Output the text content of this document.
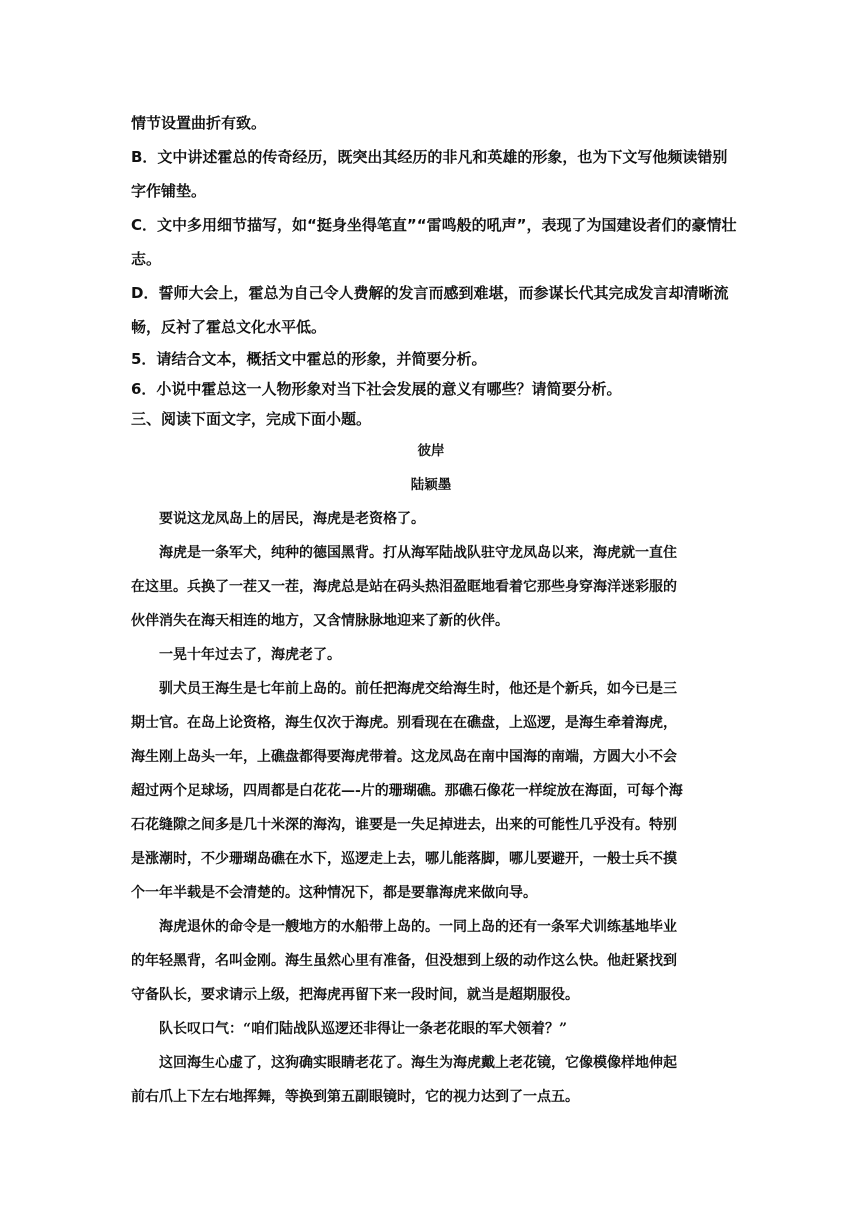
情节设置曲折有致。

B．文中讲述霍总的传奇经历，既突出其经历的非凡和英雄的形象，也为下文写他频读错别

字作铺垫。

C．文中多用细节描写，如“挺身坐得笔直”“雷鸣般的吼声”，表现了为国建设者们的豪情壮

志。

D．誓师大会上，霍总为自己令人费解的发言而感到难堪，而参谋长代其完成发言却清晰流

畅，反衬了霍总文化水平低。

5．请结合文本，概括文中霍总的形象，并简要分析。

6．小说中霍总这一人物形象对当下社会发展的意义有哪些？请简要分析。

三、阅读下面文字，完成下面小题。

彼岸

陆颖墨

要说这龙凤岛上的居民，海虎是老资格了。

海虎是一条军犬，纯种的德国黑背。打从海军陆战队驻守龙凤岛以来，海虎就一直住

在这里。兵换了一茬又一茬，海虎总是站在码头热泪盈眶地看着它那些身穿海洋迷彩服的

伙伴消失在海天相连的地方，又含情脉脉地迎来了新的伙伴。

一晃十年过去了，海虎老了。

驯犬员王海生是七年前上岛的。前任把海虎交给海生时，他还是个新兵，如今已是三

期士官。在岛上论资格，海生仅次于海虎。别看现在在礁盘，上巡逻，是海生牵着海虎，

海生刚上岛头一年，上礁盘都得要海虎带着。这龙凤岛在南中国海的南端，方圆大小不会

超过两个足球场，四周都是白花花—-片的珊瑚礁。那礁石像花一样绽放在海面，可每个海

石花缝隙之间多是几十米深的海沟，谁要是一失足掉进去，出来的可能性几乎没有。特别

是涨潮时，不少珊瑚岛礁在水下，巡逻走上去，哪儿能落脚，哪儿要避开，一般士兵不摸

个一年半载是不会清楚的。这种情况下，都是要靠海虎来做向导。

海虎退休的命令是一艘地方的水船带上岛的。一同上岛的还有一条军犬训练基地毕业

的年轻黑背，名叫金刚。海生虽然心里有准备，但没想到上级的动作这么快。他赶紧找到

守备队长，要求请示上级，把海虎再留下来一段时间，就当是超期服役。

队长叹口气：“咱们陆战队巡逻还非得让一条老花眼的军犬领着？”

这回海生心虚了，这狗确实眼睛老花了。海生为海虎戴上老花镜，它像模像样地伸起

前右爪上下左右地挥舞，等换到第五副眼镜时，它的视力达到了一点五。
